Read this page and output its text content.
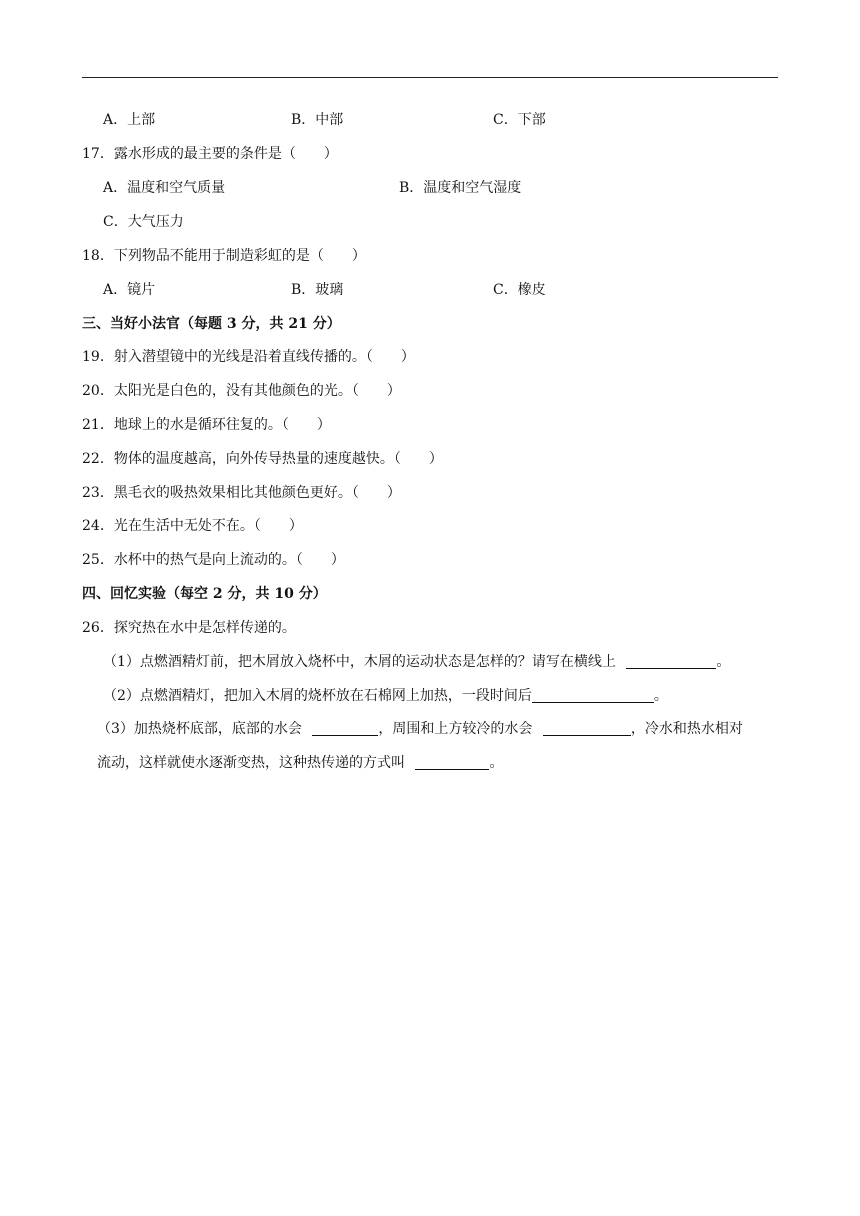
A．上部	B．中部	C．下部
17．露水形成的最主要的条件是（　　）
A．温度和空气质量	B．温度和空气湿度
C．大气压力
18．下列物品不能用于制造彩虹的是（　　）
A．镜片	B．玻璃	C．橡皮
三、当好小法官（每题 3 分，共 21 分）
19．射入潜望镜中的光线是沿着直线传播的。（　　）
20．太阳光是白色的，没有其他颜色的光。（　　）
21．地球上的水是循环往复的。（　　）
22．物体的温度越高，向外传导热量的速度越快。（　　）
23．黑毛衣的吸热效果相比其他颜色更好。（　　）
24．光在生活中无处不在。（　　）
25．水杯中的热气是向上流动的。（　　）
四、回忆实验（每空 2 分，共 10 分）
26．探究热在水中是怎样传递的。
（1）点燃酒精灯前，把木屑放入烧杯中，木屑的运动状态是怎样的？请写在横线上	。
（2）点燃酒精灯，把加入木屑的烧杯放在石棉网上加热，一段时间后	。
（3）加热烧杯底部，底部的水会	，周围和上方较冷的水会	，冷水和热水相对
流动，这样就使水逐渐变热，这种热传递的方式叫	。
